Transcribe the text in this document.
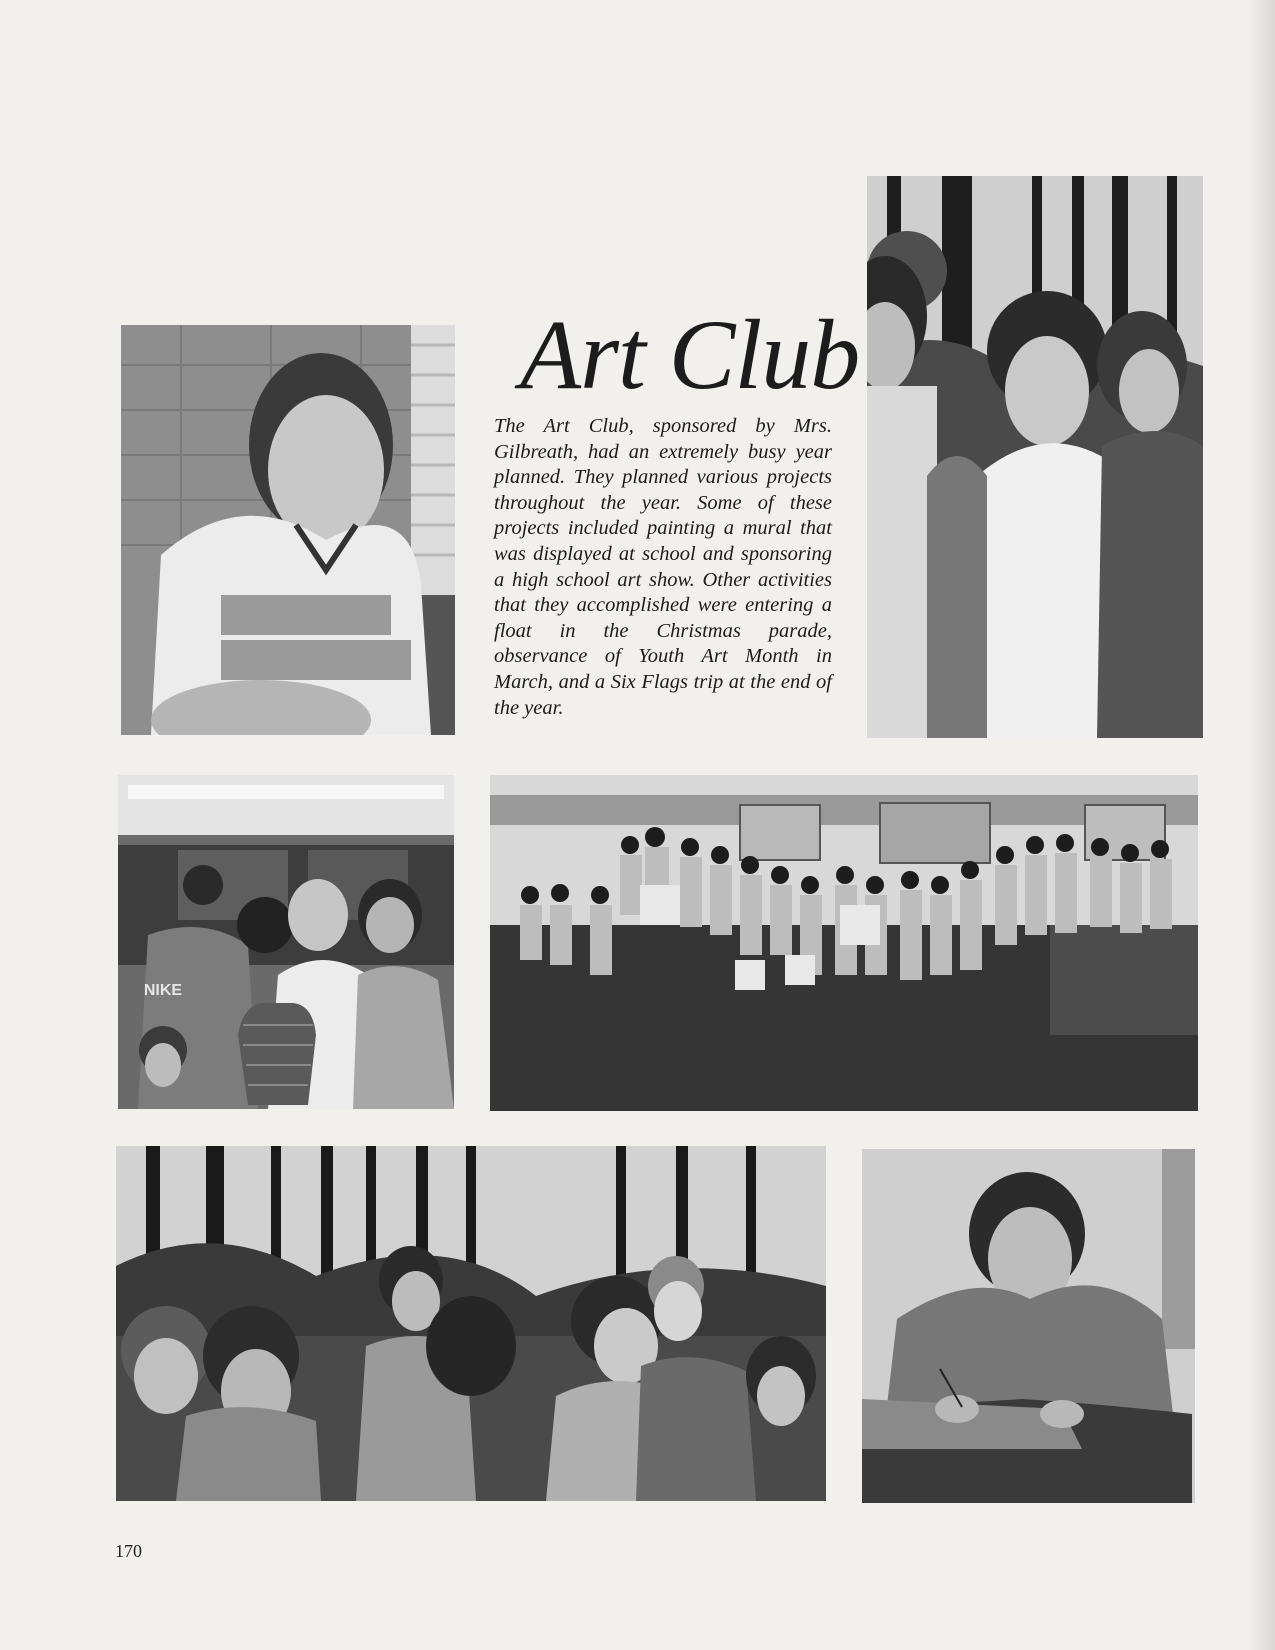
Art Club
The Art Club, sponsored by Mrs. Gilbreath, had an extremely busy year planned. They planned various projects throughout the year. Some of these projects included painting a mural that was displayed at school and sponsoring a high school art show. Other activities that they accomplished were entering a float in the Christmas parade, observance of Youth Art Month in March, and a Six Flags trip at the end of the year.
NIKE
170
